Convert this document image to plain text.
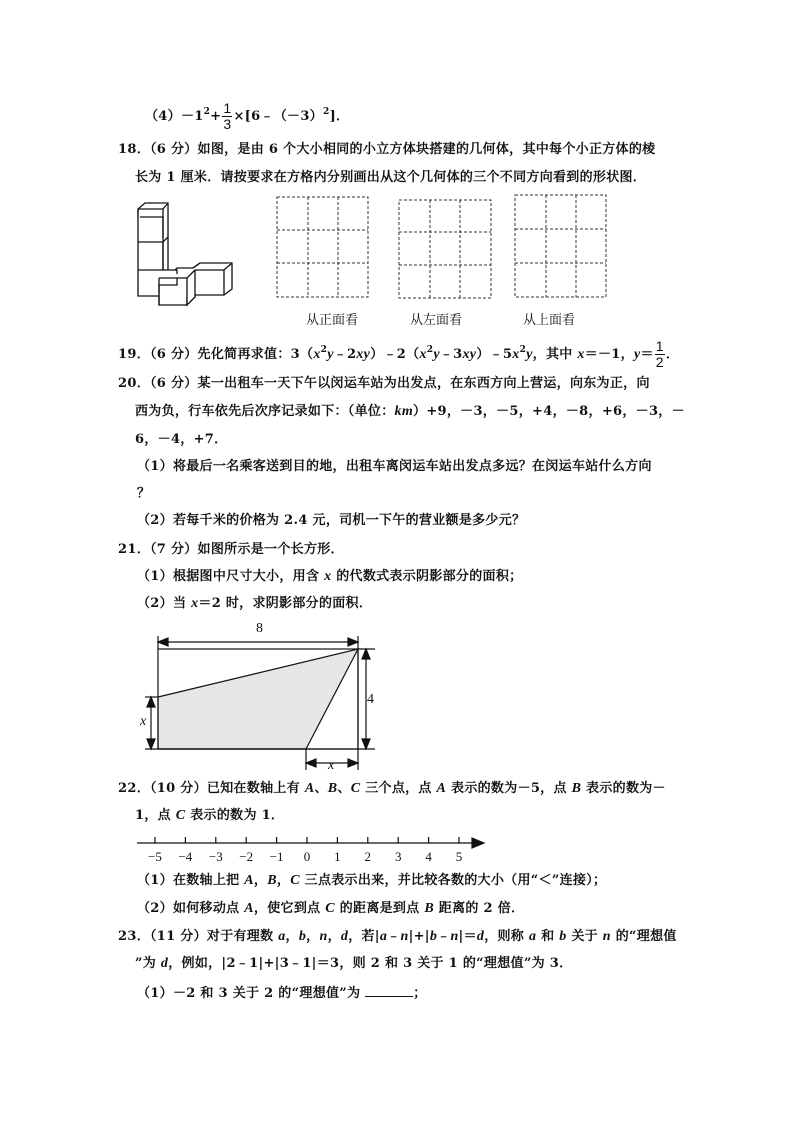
$(4)-1^2+ \frac{1}{3}$ $\times[6﹣(-3)^2]$．
18．（6 分）如图，是由 6 个大小相同的小立方体块搭建的几何体，其中每个小正方体的棱
长为 1 厘米．请按要求在方格内分别画出从这个几何体的三个不同方向看到的形状图．
从正面看	从左面看	从上面看
19．（6 分）先化简再求值：$3(x^2y﹣2xy)﹣2(x^2y﹣3xy)﹣5x^2y$，其中 x＝－1，$y= \frac{1}{2}$ ．
20．（6 分）某一出租车一天下午以闵运车站为出发点，在东西方向上营运，向东为正，向
西为负，行车依先后次序记录如下：（单位：km）+9，－3，－5，+4，－8，+6，－3，－
6，－4，+7．
（1）将最后一名乘客送到目的地，出租车离闵运车站出发点多远？在闵运车站什么方向
？
（2）若每千米的价格为 2.4 元，司机一下午的营业额是多少元？
21．（7 分）如图所示是一个长方形．
（1）根据图中尺寸大小，用含 x 的代数式表示阴影部分的面积；
（2）当 x＝2 时，求阴影部分的面积．
8
x
4
x
22．（10 分）已知在数轴上有 A、B、C 三个点，点 A 表示的数为－5，点 B 表示的数为－
1，点 C 表示的数为 1．
−5 −4 −3 −2 −1 0 1 2 3 4 5
（1）在数轴上把 A，B，C 三点表示出来，并比较各数的大小（用“＜”连接）；
（2）如何移动点 A，使它到点 C 的距离是到点 B 距离的 2 倍．
23．（11 分）对于有理数 a，b，n，d，若|a﹣n|+|b﹣n|＝d，则称 a 和 b 关于 n 的“理想值
”为 d，例如，|2﹣1|+|3﹣1|＝3，则 2 和 3 关于 1 的“理想值”为 3．
（1）－2 和 3 关于 2 的“理想值”为	；
